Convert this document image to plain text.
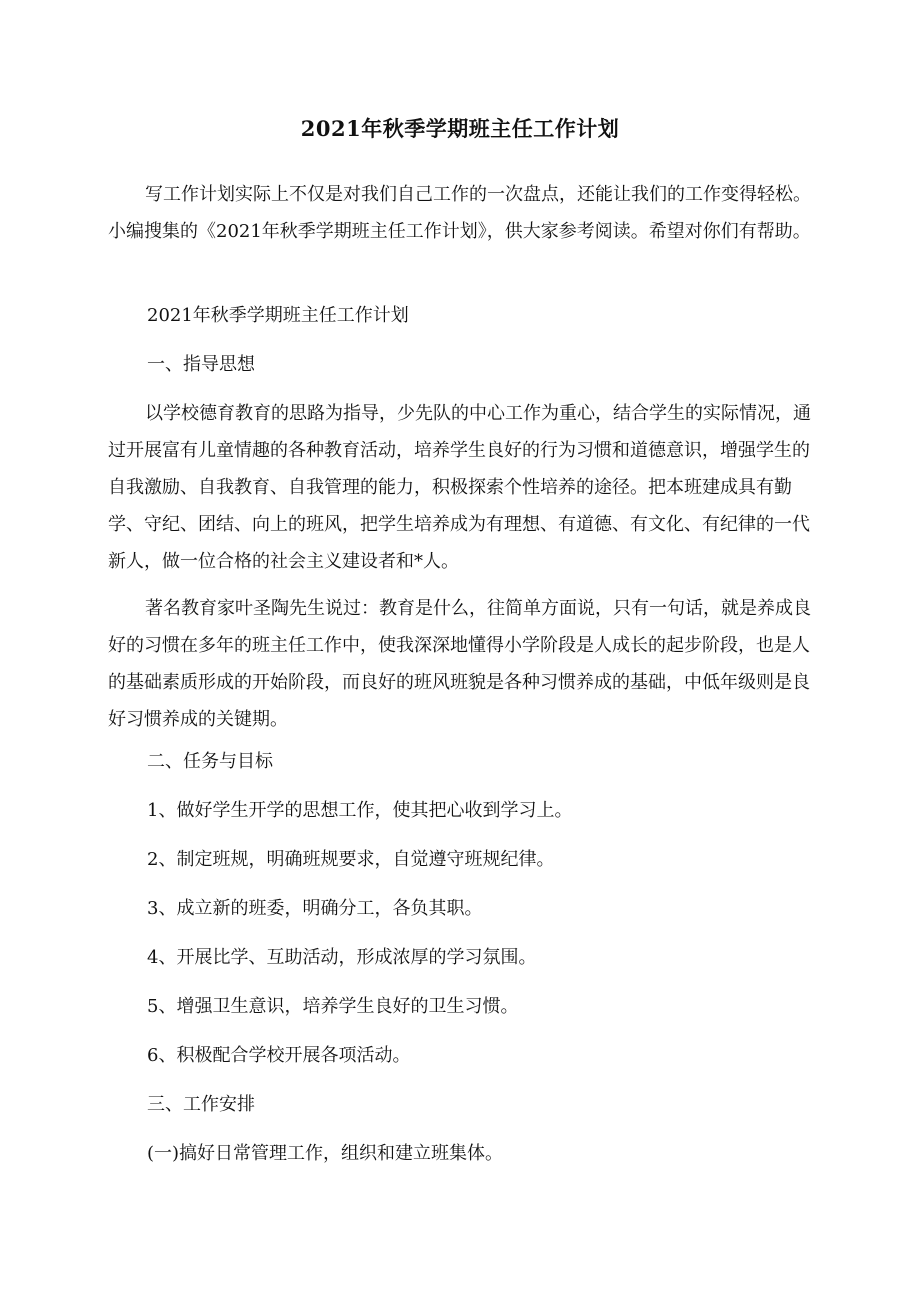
2021年秋季学期班主任工作计划

写工作计划实际上不仅是对我们自己工作的一次盘点，还能让我们的工作变得轻松。小编搜集的《2021年秋季学期班主任工作计划》，供大家参考阅读。希望对你们有帮助。

2021年秋季学期班主任工作计划

一、指导思想

以学校德育教育的思路为指导，少先队的中心工作为重心，结合学生的实际情况，通过开展富有儿童情趣的各种教育活动，培养学生良好的行为习惯和道德意识，增强学生的自我激励、自我教育、自我管理的能力，积极探索个性培养的途径。把本班建成具有勤学、守纪、团结、向上的班风，把学生培养成为有理想、有道德、有文化、有纪律的一代新人，做一位合格的社会主义建设者和*人。

著名教育家叶圣陶先生说过：教育是什么，往简单方面说，只有一句话，就是养成良好的习惯在多年的班主任工作中，使我深深地懂得小学阶段是人成长的起步阶段，也是人的基础素质形成的开始阶段，而良好的班风班貌是各种习惯养成的基础，中低年级则是良好习惯养成的关键期。

二、任务与目标

1、做好学生开学的思想工作，使其把心收到学习上。

2、制定班规，明确班规要求，自觉遵守班规纪律。

3、成立新的班委，明确分工，各负其职。

4、开展比学、互助活动，形成浓厚的学习氛围。

5、增强卫生意识，培养学生良好的卫生习惯。

6、积极配合学校开展各项活动。

三、工作安排

(一)搞好日常管理工作，组织和建立班集体。
